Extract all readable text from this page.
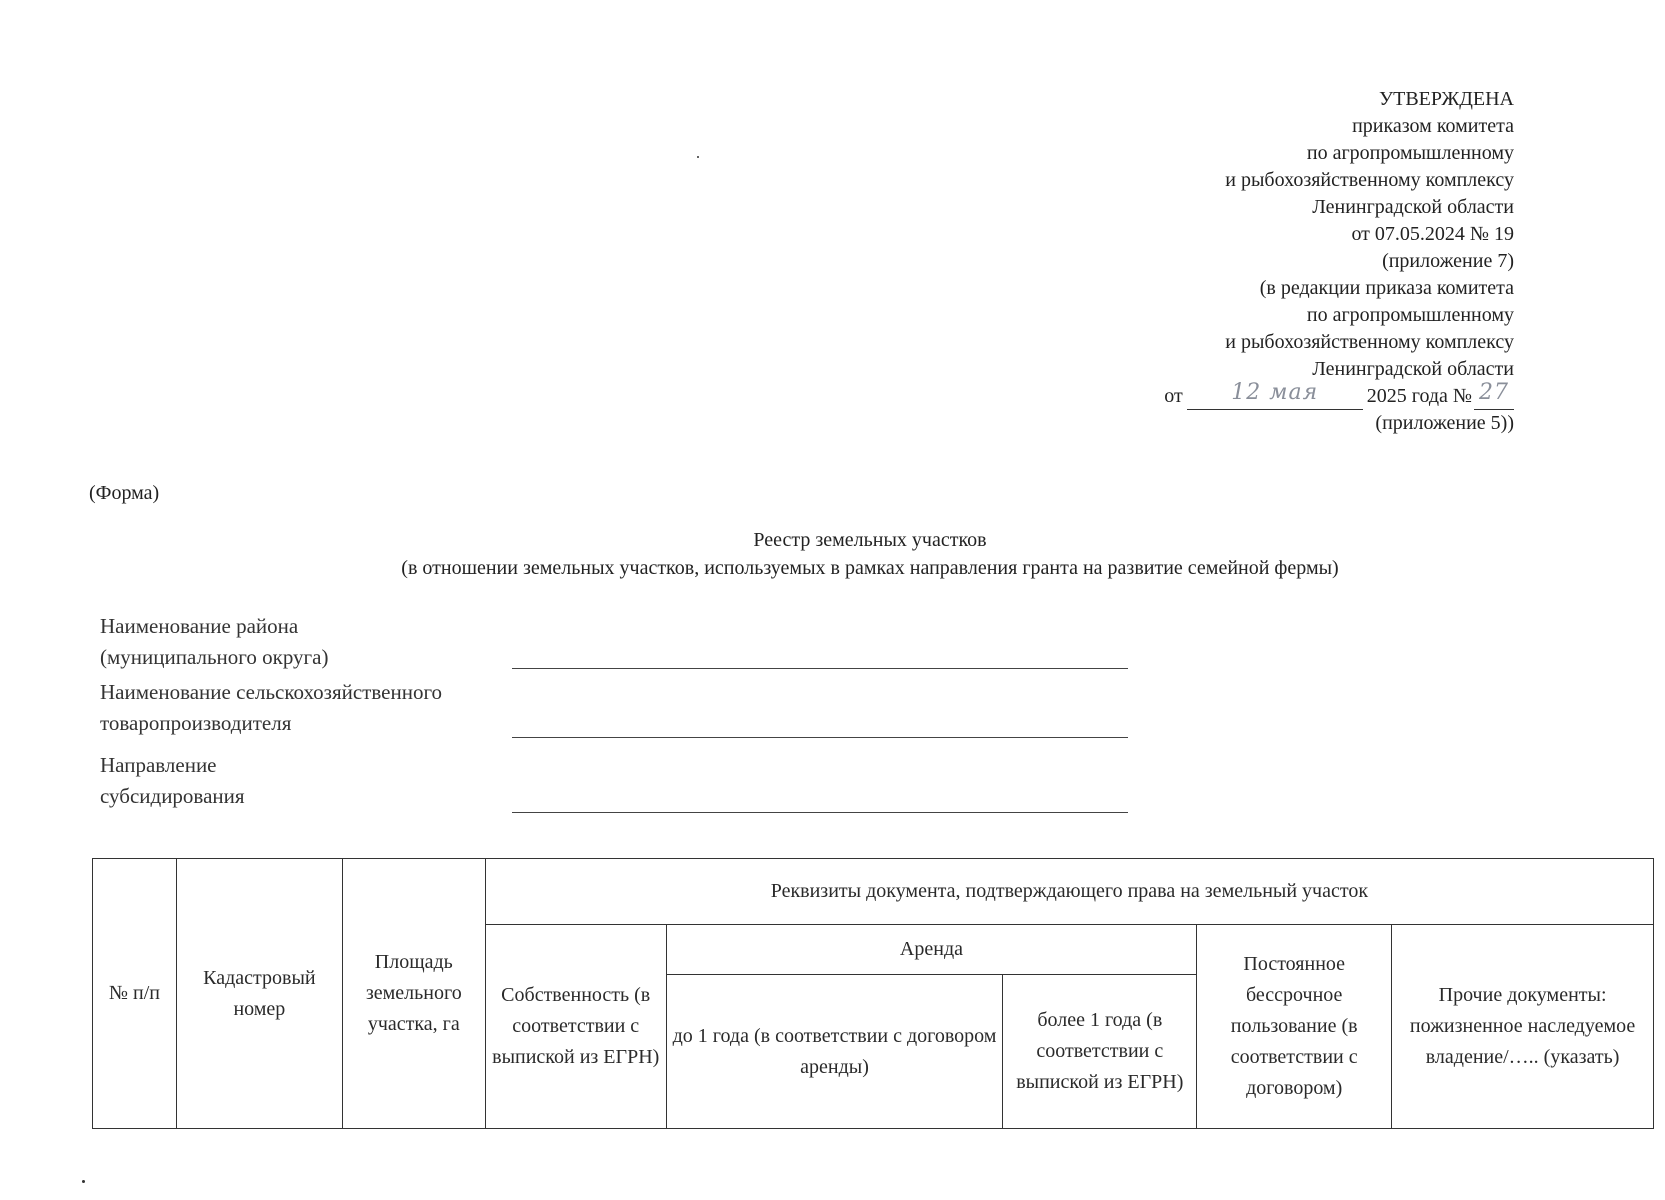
УТВЕРЖДЕНА
приказом комитета
по агропромышленному
и рыбохозяйственному комплексу
Ленинградской области
от 07.05.2024 № 19
(приложение 7)
(в редакции приказа комитета
по агропромышленному
и рыбохозяйственному комплексу
Ленинградской области
от	12 мая	2025 года № 27
(приложение 5))
(Форма)
Реестр земельных участков
(в отношении земельных участков, используемых в рамках направления гранта на развитие семейной фермы)
Наименование района
(муниципального округа)
Наименование сельскохозяйственного
товаропроизводителя
Направление
субсидирования
№ п/п	Кадастровый номер	Площадь земельного участка, га	Реквизиты документа, подтверждающего права на земельный участок				
			Собственность (в соответствии с выпиской из ЕГРН)	Аренда		Постоянное бессрочное пользование (в соответствии с договором)	Прочие документы: пожизненное наследуемое владение/….. (указать)
				до 1 года (в соответствии с договором аренды)	более 1 года (в соответствии с выпиской из ЕГРН)		
